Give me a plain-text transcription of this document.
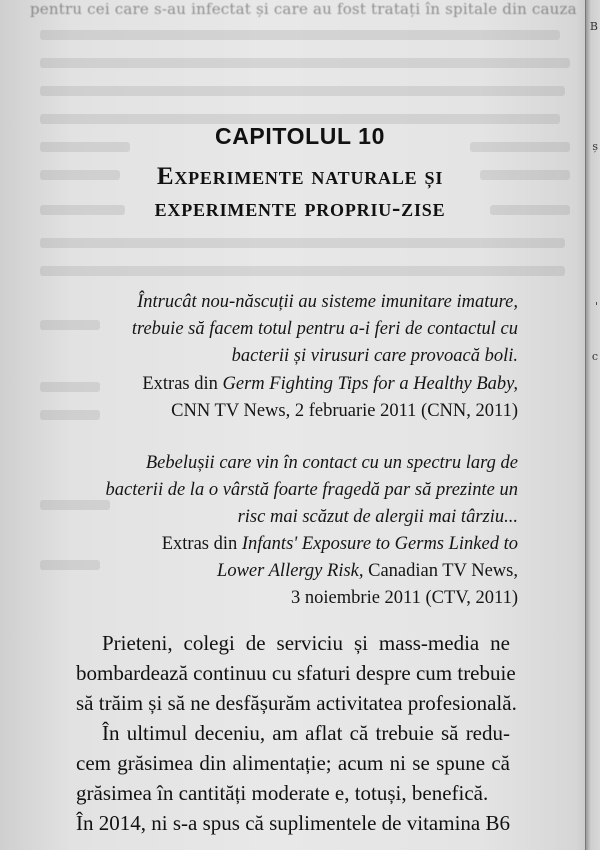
pentru cei care s-au infectat și care au fost tratați în spitale din cauza
B
ș
'
c
CAPITOLUL 10
Experimente naturale și
experimente propriu-zise
Întrucât nou-născuții au sisteme imunitare imature,
trebuie să facem totul pentru a-i feri de contactul cu
bacterii și virusuri care provoacă boli.
Extras din Germ Fighting Tips for a Healthy Baby,
CNN TV News, 2 februarie 2011 (CNN, 2011)
Bebelușii care vin în contact cu un spectru larg de
bacterii de la o vârstă foarte fragedă par să prezinte un
risc mai scăzut de alergii mai târziu...
Extras din Infants' Exposure to Germs Linked to
Lower Allergy Risk, Canadian TV News,
3 noiembrie 2011 (CTV, 2011)
Prieteni, colegi de serviciu și mass-media ne
bombardează continuu cu sfaturi despre cum trebuie
să trăim și să ne desfășurăm activitatea profesională.
În ultimul deceniu, am aflat că trebuie să redu-
cem grăsimea din alimentație; acum ni se spune că
grăsimea în cantități moderate e, totuși, benefică.
În 2014, ni s-a spus că suplimentele de vitamina B6
